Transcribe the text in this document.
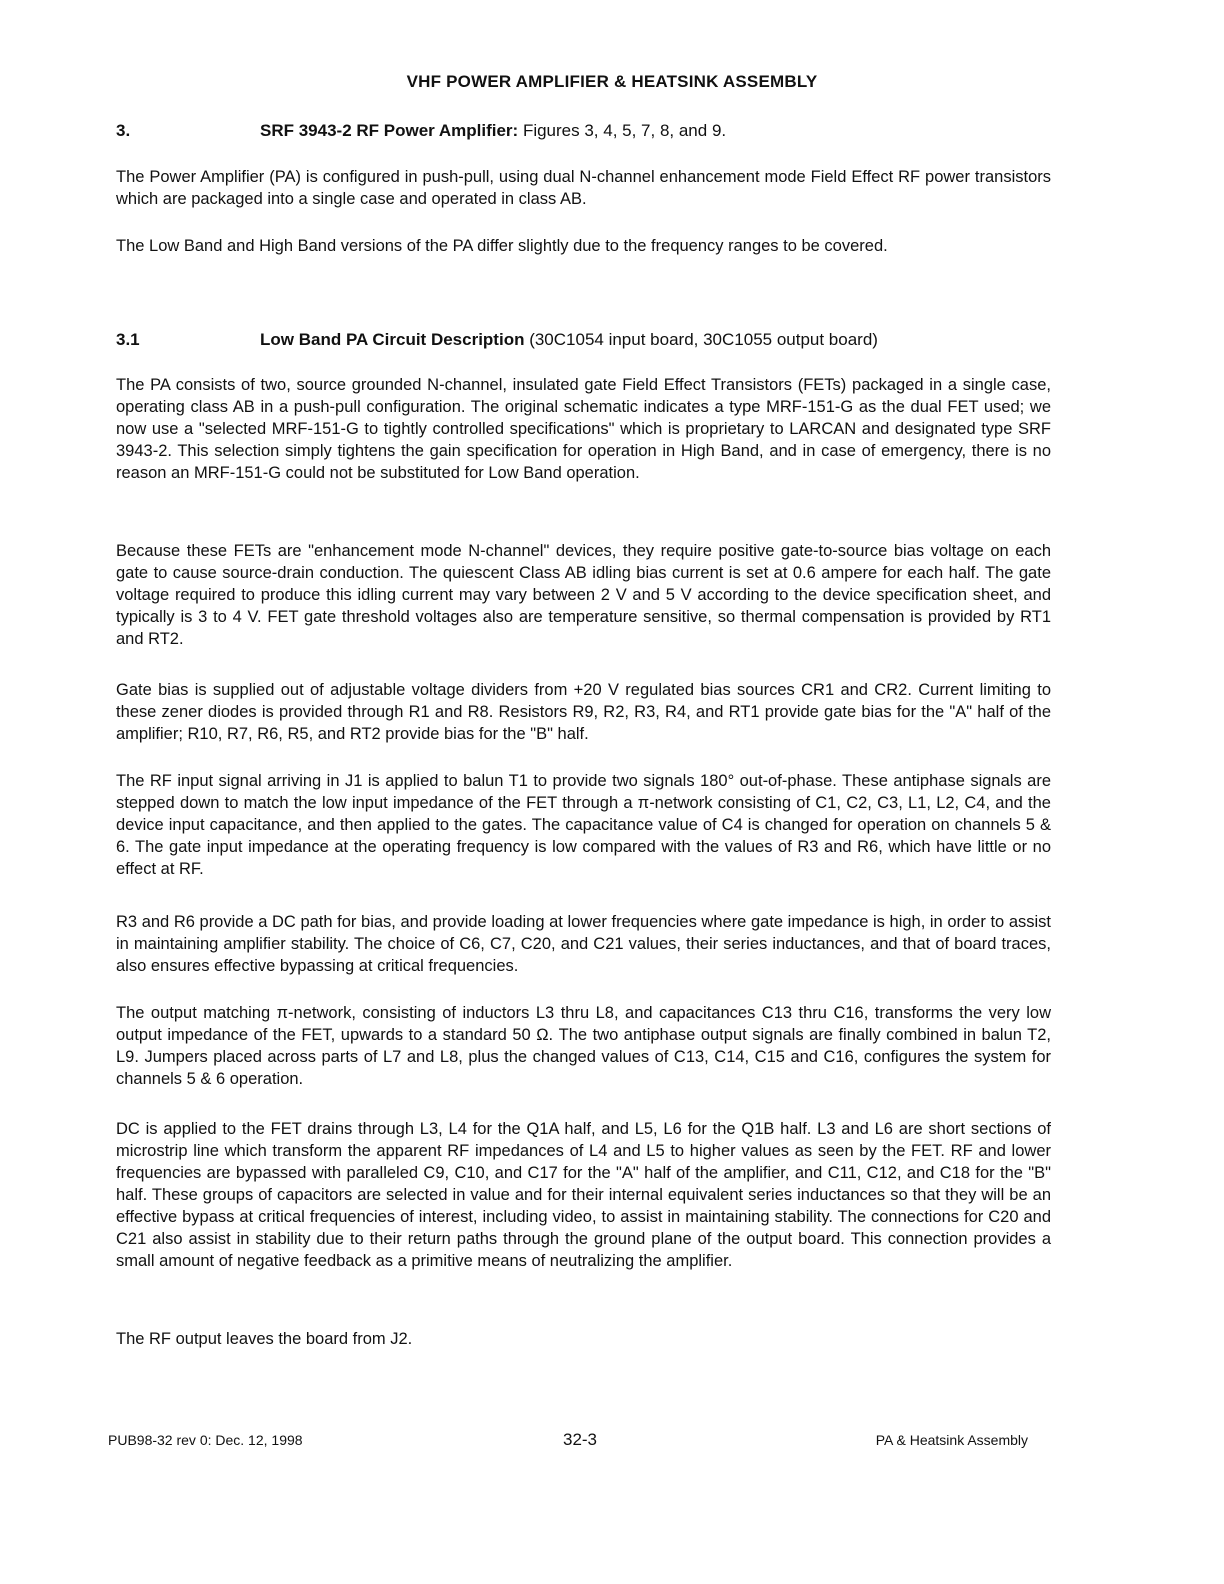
VHF POWER AMPLIFIER & HEATSINK ASSEMBLY
3.	SRF 3943-2 RF Power Amplifier: Figures 3, 4, 5, 7, 8, and 9.

The Power Amplifier (PA) is configured in push-pull, using dual N-channel enhancement mode Field Effect RF power transistors which are packaged into a single case and operated in class AB.

The Low Band and High Band versions of the PA differ slightly due to the frequency ranges to be covered.

3.1	Low Band PA Circuit Description (30C1054 input board, 30C1055 output board)

The PA consists of two, source grounded N-channel, insulated gate Field Effect Transistors (FETs) packaged in a single case, operating class AB in a push-pull configuration. The original schematic indicates a type MRF-151-G as the dual FET used; we now use a "selected MRF-151-G to tightly controlled specifications" which is proprietary to LARCAN and designated type SRF 3943-2. This selection simply tightens the gain specification for operation in High Band, and in case of emergency, there is no reason an MRF-151-G could not be substituted for Low Band operation.

Because these FETs are "enhancement mode N-channel" devices, they require positive gate-to-source bias voltage on each gate to cause source-drain conduction. The quiescent Class AB idling bias current is set at 0.6 ampere for each half. The gate voltage required to produce this idling current may vary between 2 V and 5 V according to the device specification sheet, and typically is 3 to 4 V. FET gate threshold voltages also are temperature sensitive, so thermal compensation is provided by RT1 and RT2.

Gate bias is supplied out of adjustable voltage dividers from +20 V regulated bias sources CR1 and CR2. Current limiting to these zener diodes is provided through R1 and R8. Resistors R9, R2, R3, R4, and RT1 provide gate bias for the "A" half of the amplifier; R10, R7, R6, R5, and RT2 provide bias for the "B" half.

The RF input signal arriving in J1 is applied to balun T1 to provide two signals 180° out-of-phase. These antiphase signals are stepped down to match the low input impedance of the FET through a π-network consisting of C1, C2, C3, L1, L2, C4, and the device input capacitance, and then applied to the gates. The capacitance value of C4 is changed for operation on channels 5 & 6. The gate input impedance at the operating frequency is low compared with the values of R3 and R6, which have little or no effect at RF.

R3 and R6 provide a DC path for bias, and provide loading at lower frequencies where gate impedance is high, in order to assist in maintaining amplifier stability. The choice of C6, C7, C20, and C21 values, their series inductances, and that of board traces, also ensures effective bypassing at critical frequencies.

The output matching π-network, consisting of inductors L3 thru L8, and capacitances C13 thru C16, transforms the very low output impedance of the FET, upwards to a standard 50 Ω. The two antiphase output signals are finally combined in balun T2, L9. Jumpers placed across parts of L7 and L8, plus the changed values of C13, C14, C15 and C16, configures the system for channels 5 & 6 operation.

DC is applied to the FET drains through L3, L4 for the Q1A half, and L5, L6 for the Q1B half. L3 and L6 are short sections of microstrip line which transform the apparent RF impedances of L4 and L5 to higher values as seen by the FET. RF and lower frequencies are bypassed with paralleled C9, C10, and C17 for the "A" half of the amplifier, and C11, C12, and C18 for the "B" half. These groups of capacitors are selected in value and for their internal equivalent series inductances so that they will be an effective bypass at critical frequencies of interest, including video, to assist in maintaining stability. The connections for C20 and C21 also assist in stability due to their return paths through the ground plane of the output board. This connection provides a small amount of negative feedback as a primitive means of neutralizing the amplifier.

The RF output leaves the board from J2.

PUB98-32 rev 0: Dec. 12, 1998	32-3	PA & Heatsink Assembly
